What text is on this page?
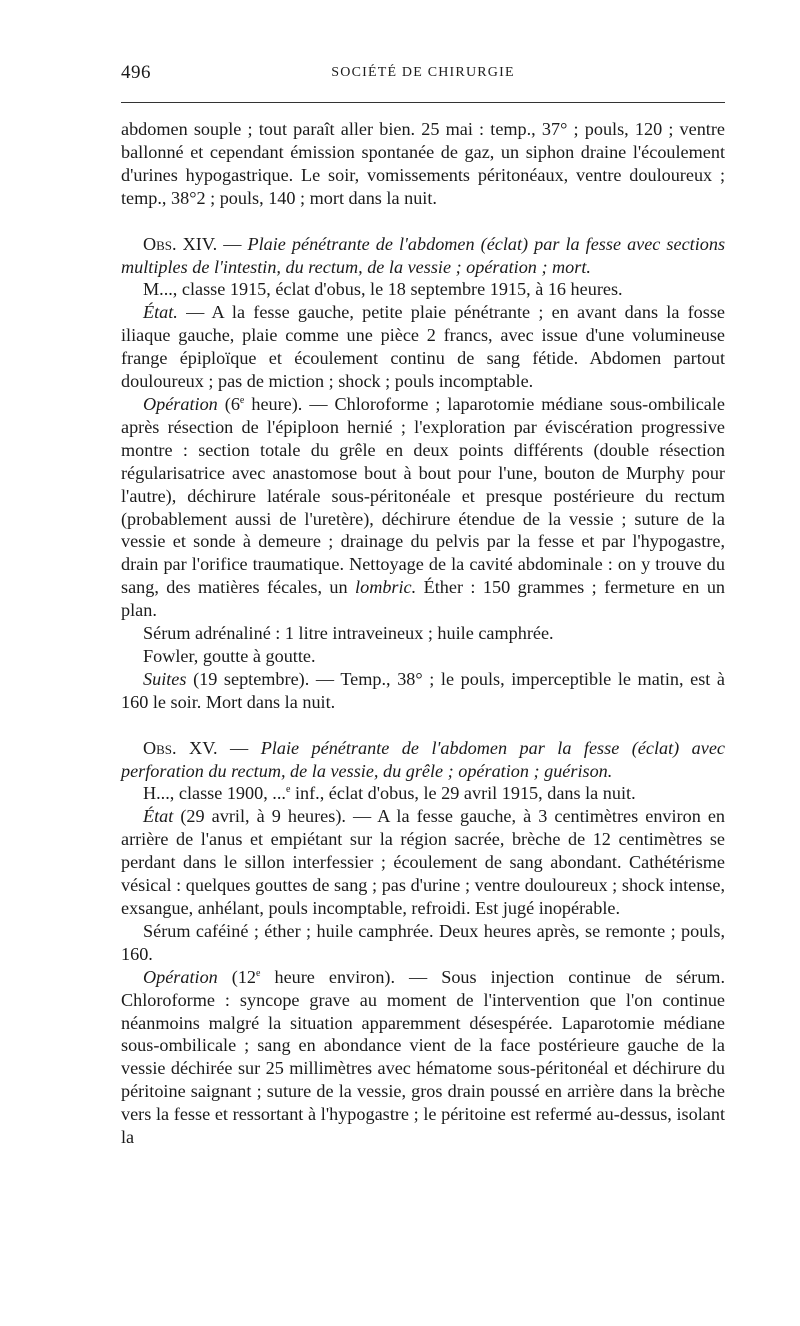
496	SOCIÉTÉ DE CHIRURGIE

abdomen souple ; tout paraît aller bien. 25 mai : temp., 37° ; pouls, 120 ; ventre ballonné et cependant émission spontanée de gaz, un siphon draine l'écoulement d'urines hypogastrique. Le soir, vomissements péritonéaux, ventre douloureux ; temp., 38°2 ; pouls, 140 ; mort dans la nuit.

Obs. XIV. — Plaie pénétrante de l'abdomen (éclat) par la fesse avec sections multiples de l'intestin, du rectum, de la vessie ; opération ; mort.

M..., classe 1915, éclat d'obus, le 18 septembre 1915, à 16 heures.

État. — A la fesse gauche, petite plaie pénétrante ; en avant dans la fosse iliaque gauche, plaie comme une pièce 2 francs, avec issue d'une volumineuse frange épiploïque et écoulement continu de sang fétide. Abdomen partout douloureux ; pas de miction ; shock ; pouls incomptable.

Opération (6e heure). — Chloroforme ; laparotomie médiane sous-ombilicale après résection de l'épiploon hernié ; l'exploration par éviscération progressive montre : section totale du grêle en deux points différents (double résection régularisatrice avec anastomose bout à bout pour l'une, bouton de Murphy pour l'autre), déchirure latérale sous-péritonéale et presque postérieure du rectum (probablement aussi de l'uretère), déchirure étendue de la vessie ; suture de la vessie et sonde à demeure ; drainage du pelvis par la fesse et par l'hypogastre, drain par l'orifice traumatique. Nettoyage de la cavité abdominale : on y trouve du sang, des matières fécales, un lombric. Éther : 150 grammes ; fermeture en un plan.

Sérum adrénaliné : 1 litre intraveineux ; huile camphrée.

Fowler, goutte à goutte.

Suites (19 septembre). — Temp., 38° ; le pouls, imperceptible le matin, est à 160 le soir. Mort dans la nuit.

Obs. XV. — Plaie pénétrante de l'abdomen par la fesse (éclat) avec perforation du rectum, de la vessie, du grêle ; opération ; guérison.

H..., classe 1900, ...$^e$ inf., éclat d'obus, le 29 avril 1915, dans la nuit.

État (29 avril, à 9 heures). — A la fesse gauche, à 3 centimètres environ en arrière de l'anus et empiétant sur la région sacrée, brèche de 12 centimètres se perdant dans le sillon interfessier ; écoulement de sang abondant. Cathétérisme vésical : quelques gouttes de sang ; pas d'urine ; ventre douloureux ; shock intense, exsangue, anhélant, pouls incomptable, refroidi. Est jugé inopérable.

Sérum caféiné ; éther ; huile camphrée. Deux heures après, se remonte ; pouls, 160.

Opération (12e heure environ). — Sous injection continue de sérum. Chloroforme : syncope grave au moment de l'intervention que l'on continue néanmoins malgré la situation apparemment désespérée. Laparotomie médiane sous-ombilicale ; sang en abondance vient de la face postérieure gauche de la vessie déchirée sur 25 millimètres avec hématome sous-péritonéal et déchirure du péritoine saignant ; suture de la vessie, gros drain poussé en arrière dans la brèche vers la fesse et ressortant à l'hypogastre ; le péritoine est refermé au-dessus, isolant la
